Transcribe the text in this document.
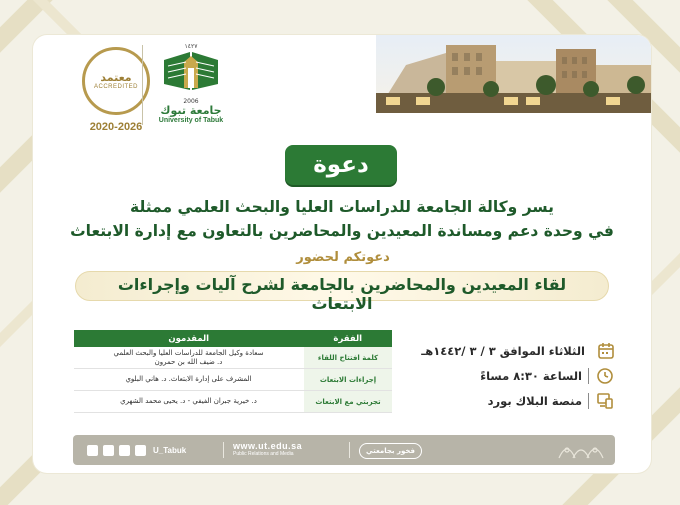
معتمد
ACCREDITED
2020-2026
١٤٢٧
2006
جامعة تبوك
University of Tabuk
دعوة
يسر وكالة الجامعة للدراسات العليا والبحث العلمي ممثلة
في وحدة دعم ومساندة المعيدين والمحاضرين بالتعاون مع إدارة الابتعاث
دعوتكم لحضور
لقاء المعيدين والمحاضرين بالجامعة لشرح آليات وإجراءات الابتعاث
الفقرة	المقدمون
كلمة افتتاح اللقاء	سعادة وكيل الجامعة للدراسات العليا والبحث العلمي
د. ضيف الله بن حمرون

إجراءات الابتعاث	المشرف على إدارة الابتعاث. د. هاني البلوي

تجربتي مع الابتعاث	د. خيرية جبران الفيفي - د. يحيى محمد الشهري
الثلاثاء الموافق ٣ / ٣ /١٤٤٢هـ
الساعة ٨:٣٠ مساءً
منصة البلاك بورد
U_Tabuk	www.ut.edu.sa
Public Relations and Media	فخور بجامعتي
